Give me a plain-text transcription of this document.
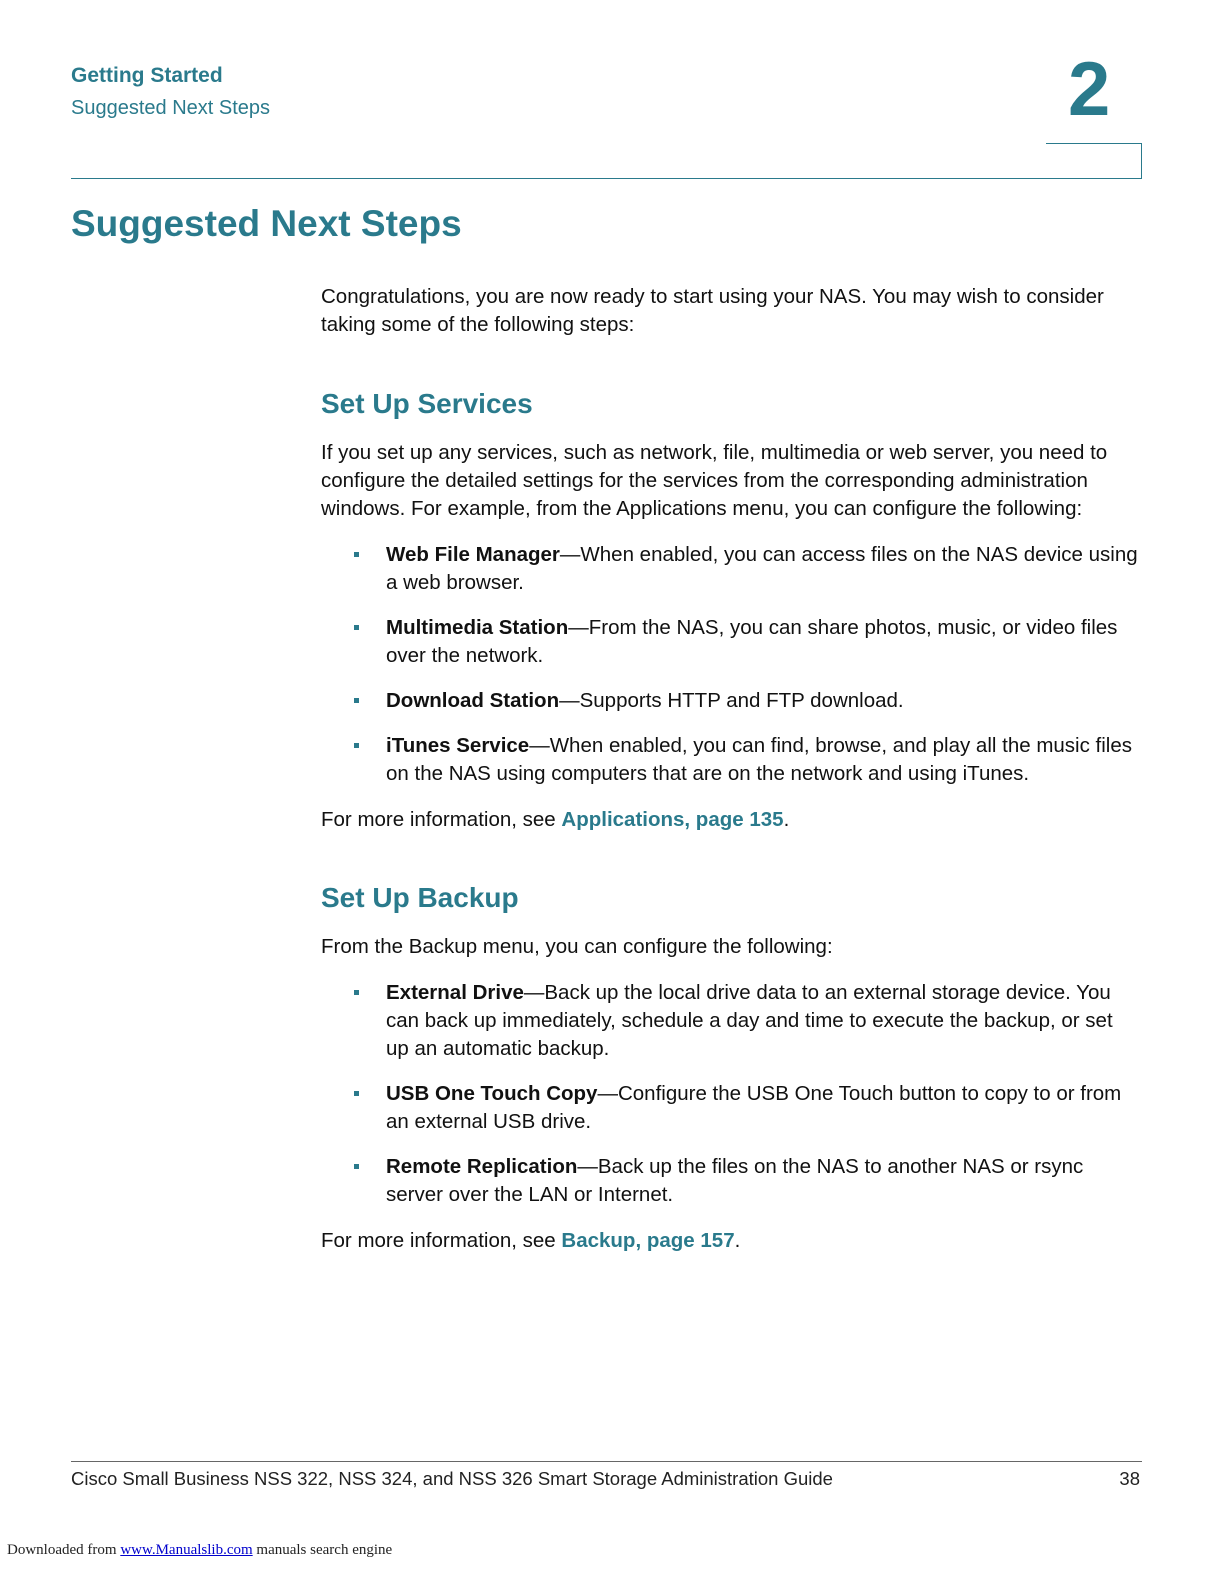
Getting Started
Suggested Next Steps	2
Suggested Next Steps

Congratulations, you are now ready to start using your NAS. You may wish to consider taking some of the following steps:

Set Up Services

If you set up any services, such as network, file, multimedia or web server, you need to configure the detailed settings for the services from the corresponding administration windows. For example, from the Applications menu, you can configure the following:

Web File Manager—When enabled, you can access files on the NAS device using a web browser.
Multimedia Station—From the NAS, you can share photos, music, or video files over the network.
Download Station—Supports HTTP and FTP download.
iTunes Service—When enabled, you can find, browse, and play all the music files on the NAS using computers that are on the network and using iTunes.

For more information, see Applications, page 135.

Set Up Backup

From the Backup menu, you can configure the following:

External Drive—Back up the local drive data to an external storage device. You can back up immediately, schedule a day and time to execute the backup, or set up an automatic backup.
USB One Touch Copy—Configure the USB One Touch button to copy to or from an external USB drive.
Remote Replication—Back up the files on the NAS to another NAS or rsync server over the LAN or Internet.

For more information, see Backup, page 157.

Cisco Small Business NSS 322, NSS 324, and NSS 326 Smart Storage Administration Guide	38
Downloaded from www.Manualslib.com manuals search engine
